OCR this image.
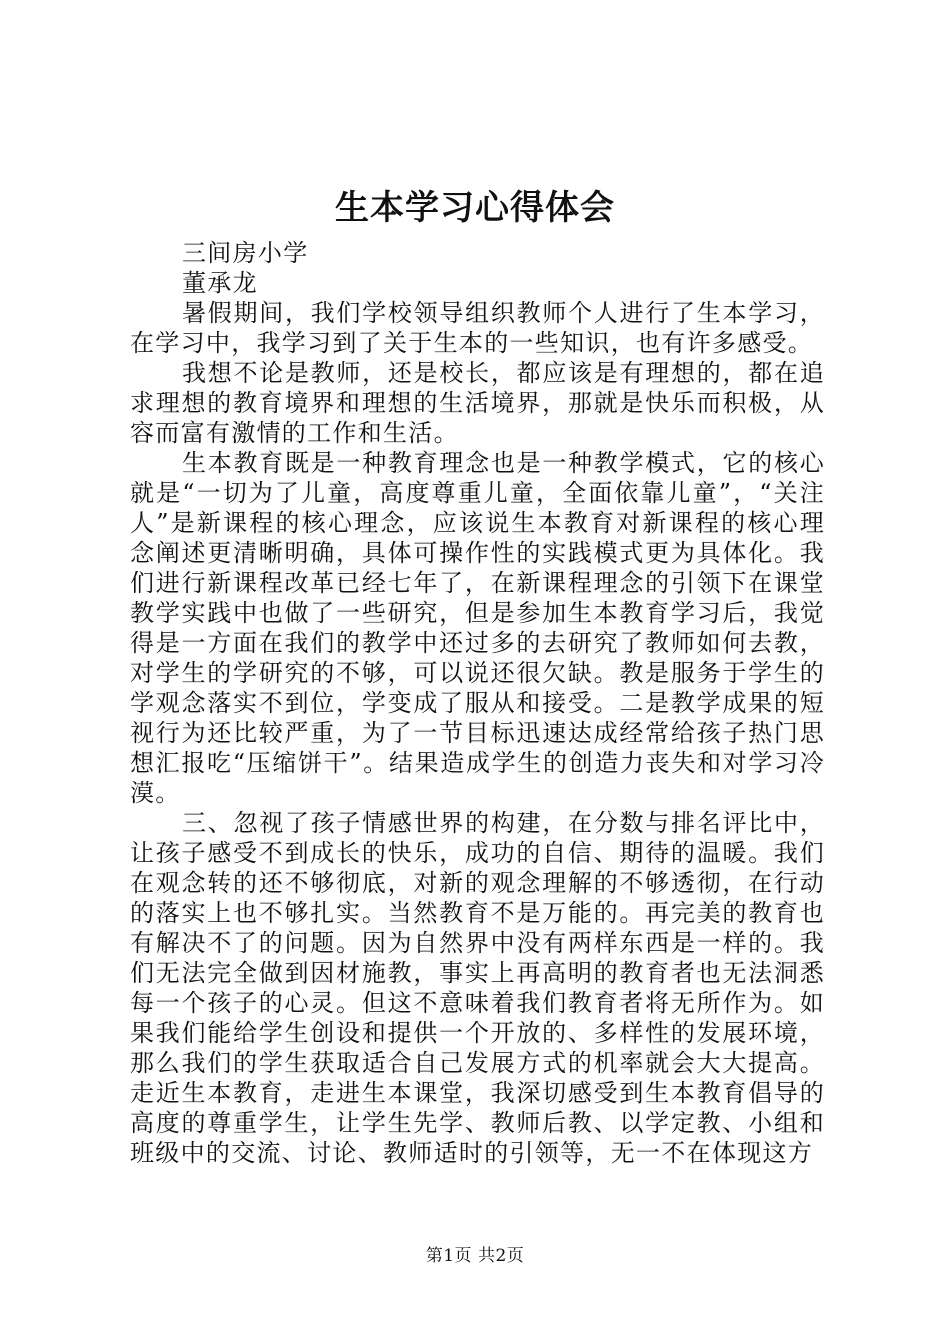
生本学习心得体会

三间房小学

董承龙

暑假期间，我们学校领导组织教师个人进行了生本学习，在学习中，我学习到了关于生本的一些知识，也有许多感受。

我想不论是教师，还是校长，都应该是有理想的，都在追求理想的教育境界和理想的生活境界，那就是快乐而积极，从容而富有激情的工作和生活。

生本教育既是一种教育理念也是一种教学模式，它的核心就是“一切为了儿童，高度尊重儿童，全面依靠儿童”，“关注人”是新课程的核心理念，应该说生本教育对新课程的核心理念阐述更清晰明确，具体可操作性的实践模式更为具体化。我们进行新课程改革已经七年了，在新课程理念的引领下在课堂教学实践中也做了一些研究，但是参加生本教育学习后，我觉得是一方面在我们的教学中还过多的去研究了教师如何去教，对学生的学研究的不够，可以说还很欠缺。教是服务于学生的学观念落实不到位，学变成了服从和接受。二是教学成果的短视行为还比较严重，为了一节目标迅速达成经常给孩子热门思想汇报吃“压缩饼干”。结果造成学生的创造力丧失和对学习冷漠。

三、忽视了孩子情感世界的构建，在分数与排名评比中，让孩子感受不到成长的快乐，成功的自信、期待的温暖。我们在观念转的还不够彻底，对新的观念理解的不够透彻，在行动的落实上也不够扎实。当然教育不是万能的。再完美的教育也有解决不了的问题。因为自然界中没有两样东西是一样的。我们无法完全做到因材施教，事实上再高明的教育者也无法洞悉每一个孩子的心灵。但这不意味着我们教育者将无所作为。如果我们能给学生创设和提供一个开放的、多样性的发展环境，那么我们的学生获取适合自己发展方式的机率就会大大提高。走近生本教育，走进生本课堂，我深切感受到生本教育倡导的高度的尊重学生，让学生先学、教师后教、以学定教、小组和班级中的交流、讨论、教师适时的引领等，无一不在体现这方

第1页 共2页
